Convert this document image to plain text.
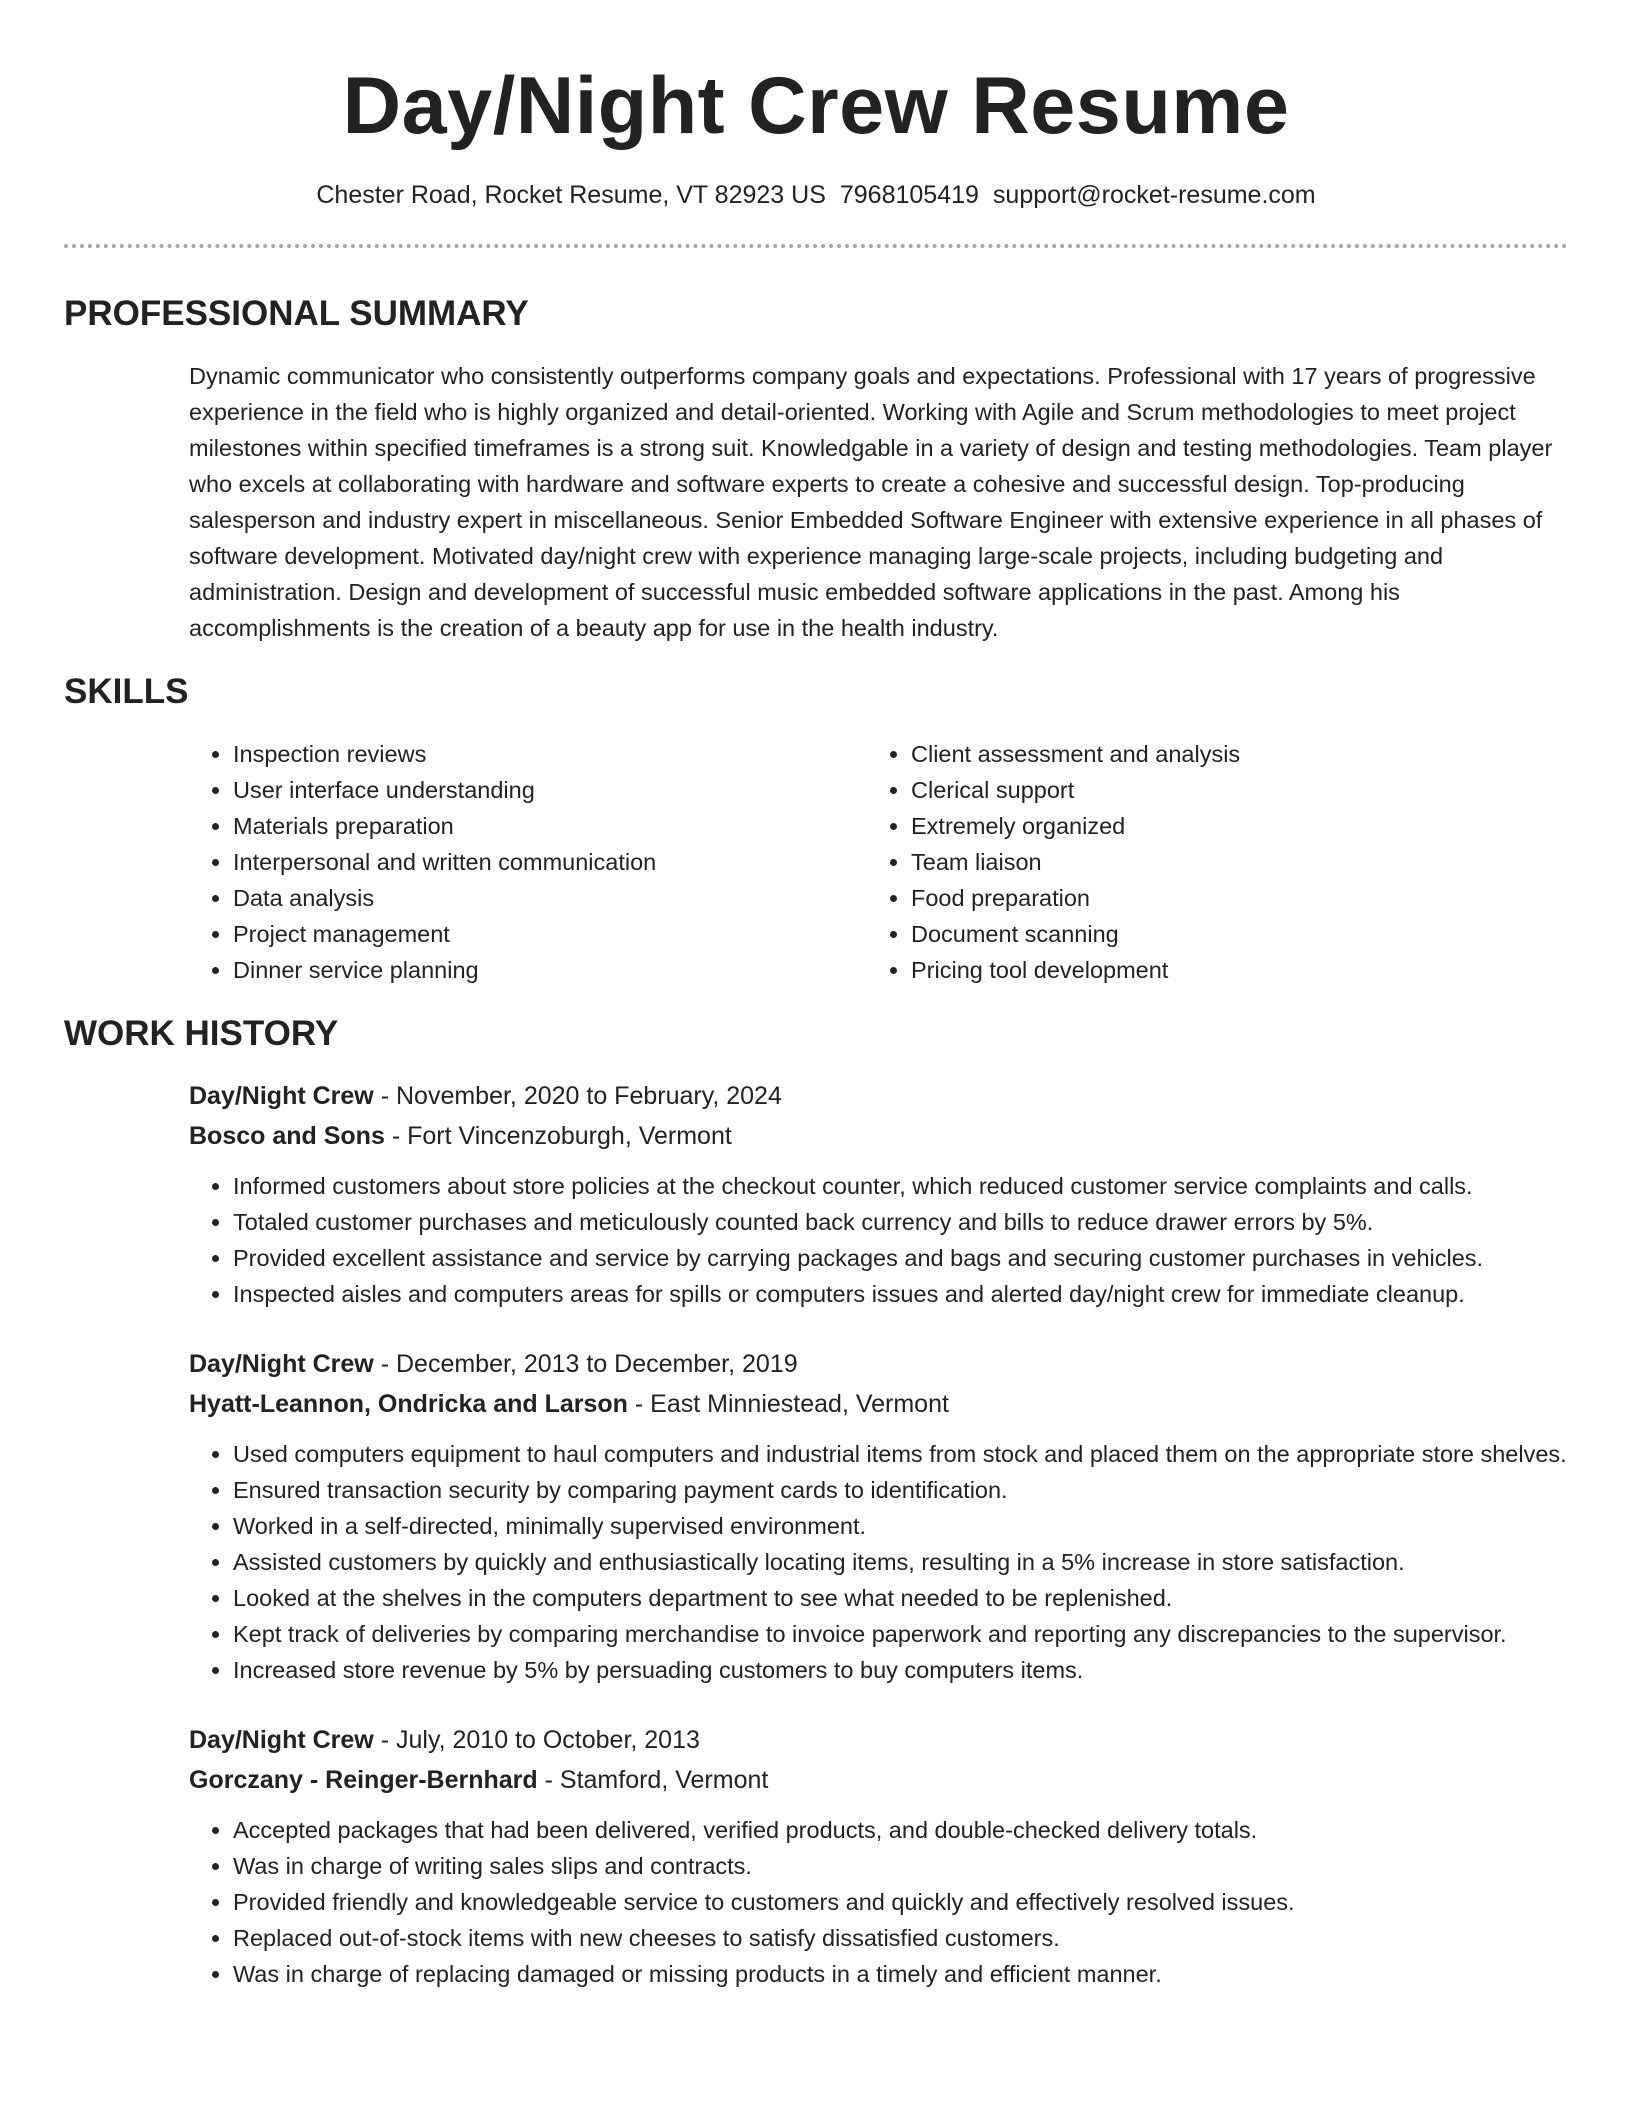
Day/Night Crew Resume
Chester Road, Rocket Resume, VT 82923 US 7968105419 support@rocket-resume.com
PROFESSIONAL SUMMARY

Dynamic communicator who consistently outperforms company goals and expectations. Professional with 17 years of progressive experience in the field who is highly organized and detail-oriented. Working with Agile and Scrum methodologies to meet project milestones within specified timeframes is a strong suit. Knowledgable in a variety of design and testing methodologies. Team player who excels at collaborating with hardware and software experts to create a cohesive and successful design. Top-producing salesperson and industry expert in miscellaneous. Senior Embedded Software Engineer with extensive experience in all phases of software development. Motivated day/night crew with experience managing large-scale projects, including budgeting and administration. Design and development of successful music embedded software applications in the past. Among his accomplishments is the creation of a beauty app for use in the health industry.

SKILLS
• Inspection reviews
• User interface understanding
• Materials preparation
• Interpersonal and written communication
• Data analysis
• Project management
• Dinner service planning
• Client assessment and analysis
• Clerical support
• Extremely organized
• Team liaison
• Food preparation
• Document scanning
• Pricing tool development
WORK HISTORY
Day/Night Crew - November, 2020 to February, 2024
Bosco and Sons - Fort Vincenzoburgh, Vermont
• Informed customers about store policies at the checkout counter, which reduced customer service complaints and calls.
• Totaled customer purchases and meticulously counted back currency and bills to reduce drawer errors by 5%.
• Provided excellent assistance and service by carrying packages and bags and securing customer purchases in vehicles.
• Inspected aisles and computers areas for spills or computers issues and alerted day/night crew for immediate cleanup.
Day/Night Crew - December, 2013 to December, 2019
Hyatt-Leannon, Ondricka and Larson - East Minniestead, Vermont
• Used computers equipment to haul computers and industrial items from stock and placed them on the appropriate store shelves.
• Ensured transaction security by comparing payment cards to identification.
• Worked in a self-directed, minimally supervised environment.
• Assisted customers by quickly and enthusiastically locating items, resulting in a 5% increase in store satisfaction.
• Looked at the shelves in the computers department to see what needed to be replenished.
• Kept track of deliveries by comparing merchandise to invoice paperwork and reporting any discrepancies to the supervisor.
• Increased store revenue by 5% by persuading customers to buy computers items.
Day/Night Crew - July, 2010 to October, 2013
Gorczany - Reinger-Bernhard - Stamford, Vermont
• Accepted packages that had been delivered, verified products, and double-checked delivery totals.
• Was in charge of writing sales slips and contracts.
• Provided friendly and knowledgeable service to customers and quickly and effectively resolved issues.
• Replaced out-of-stock items with new cheeses to satisfy dissatisfied customers.
• Was in charge of replacing damaged or missing products in a timely and efficient manner.
